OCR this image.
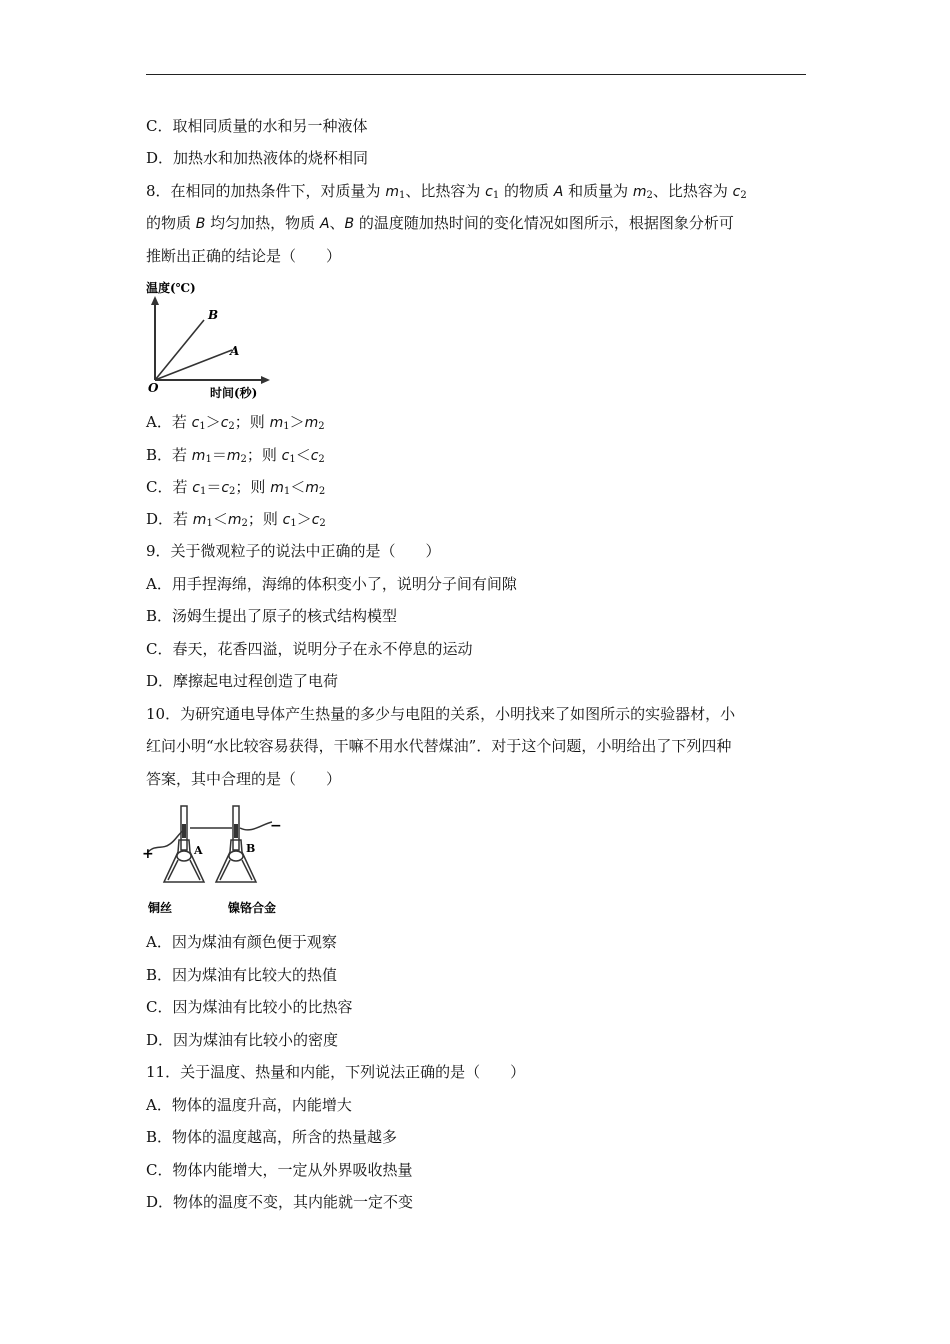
C．取相同质量的水和另一种液体
D．加热水和加热液体的烧杯相同
8．在相同的加热条件下，对质量为 $m_1$、比热容为 $c_1$ 的物质 A 和质量为 $m_2$、比热容为 $c_2$
的物质 B 均匀加热，物质 A、B 的温度随加热时间的变化情况如图所示，根据图象分析可
推断出正确的结论是（　　）
温度(℃)
时间(秒)
O
B
A
A．若 $c_1>c_2$；则 $m_1>m_2$
B．若 $m_1=m_2$；则 $c_1<c_2$
C．若 $c_1=c_2$；则 $m_1<m_2$
D．若 $m_1<m_2$；则 $c_1>c_2$
9．关于微观粒子的说法中正确的是（　　）
A．用手捏海绵，海绵的体积变小了，说明分子间有间隙
B．汤姆生提出了原子的核式结构模型
C．春天，花香四溢，说明分子在永不停息的运动
D．摩擦起电过程创造了电荷
10．为研究通电导体产生热量的多少与电阻的关系，小明找来了如图所示的实验器材，小
红问小明“水比较容易获得，干嘛不用水代替煤油”．对于这个问题，小明给出了下列四种
答案，其中合理的是（　　）
+
−
A	B
铜丝	镍铬合金
A．因为煤油有颜色便于观察
B．因为煤油有比较大的热值
C．因为煤油有比较小的比热容
D．因为煤油有比较小的密度
11．关于温度、热量和内能，下列说法正确的是（　　）
A．物体的温度升高，内能增大
B．物体的温度越高，所含的热量越多
C．物体内能增大，一定从外界吸收热量
D．物体的温度不变，其内能就一定不变
